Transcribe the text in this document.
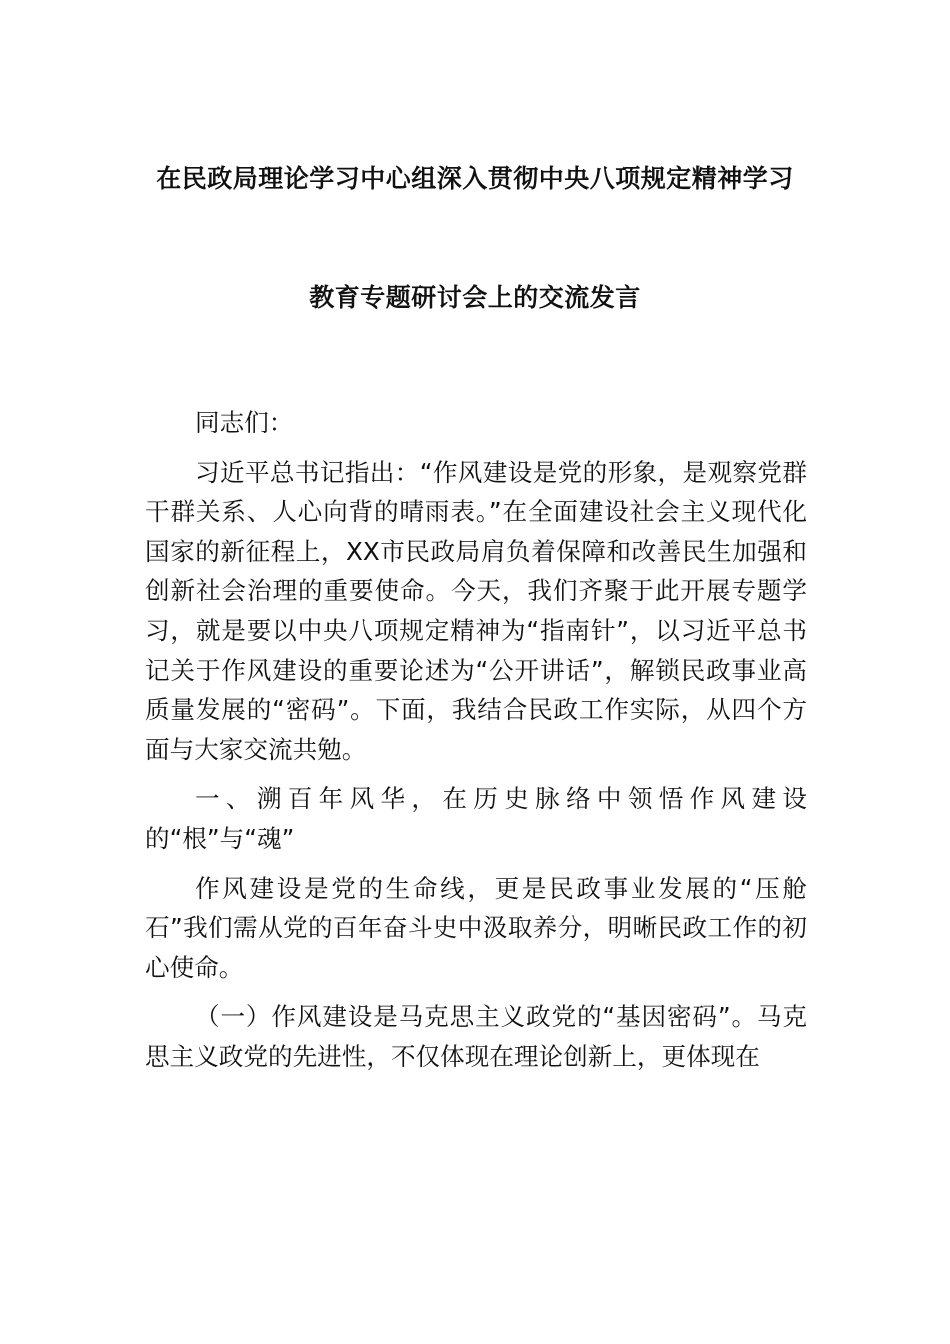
在民政局理论学习中心组深入贯彻中央八项规定精神学习
教育专题研讨会上的交流发言

同志们：

习近平总书记指出：“作风建设是党的形象，是观察党群干群关系、人心向背的晴雨表。”在全面建设社会主义现代化国家的新征程上，XX市民政局肩负着保障和改善民生加强和创新社会治理的重要使命。今天，我们齐聚于此开展专题学习，就是要以中央八项规定精神为“指南针”，以习近平总书记关于作风建设的重要论述为“公开讲话”，解锁民政事业高质量发展的“密码”。下面，我结合民政工作实际，从四个方面与大家交流共勉。

一、溯百年风华，在历史脉络中领悟作风建设的“根”与“魂”

作风建设是党的生命线，更是民政事业发展的“压舱石”我们需从党的百年奋斗史中汲取养分，明晰民政工作的初心使命。

（一）作风建设是马克思主义政党的“基因密码”。马克思主义政党的先进性，不仅体现在理论创新上，更体现在
